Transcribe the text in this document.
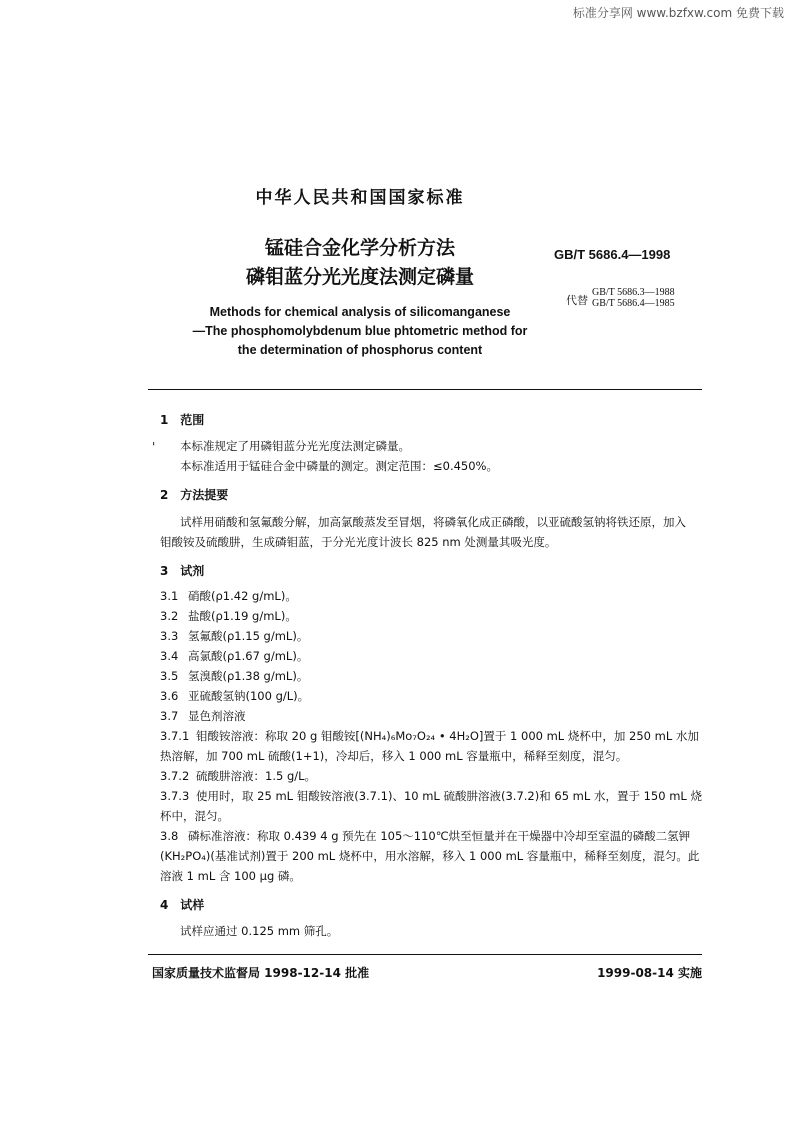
标准分享网 www.bzfxw.com 免费下载
中华人民共和国国家标准
锰硅合金化学分析方法
磷钼蓝分光光度法测定磷量
GB/T 5686.4—1998
代替
GB/T 5686.3—1988
GB/T 5686.4—1985
Methods for chemical analysis of silicomanganese
—The phosphomolybdenum blue phtometric method for
the determination of phosphorus content
1 范围
' 本标准规定了用磷钼蓝分光光度法测定磷量。
本标准适用于锰硅合金中磷量的测定。测定范围：≤0.450%。
2 方法提要
试样用硝酸和氢氟酸分解，加高氯酸蒸发至冒烟，将磷氧化成正磷酸，以亚硫酸氢钠将铁还原，加入
钼酸铵及硫酸肼，生成磷钼蓝，于分光光度计波长 825 nm 处测量其吸光度。
3 试剂
3.1 硝酸(ρ1.42 g/mL)。
3.2 盐酸(ρ1.19 g/mL)。
3.3 氢氟酸(ρ1.15 g/mL)。
3.4 高氯酸(ρ1.67 g/mL)。
3.5 氢溴酸(ρ1.38 g/mL)。
3.6 亚硫酸氢钠(100 g/L)。
3.7 显色剂溶液
3.7.1 钼酸铵溶液：称取 20 g 钼酸铵[(NH₄)₆Mo₇O₂₄ • 4H₂O]置于 1 000 mL 烧杯中，加 250 mL 水加
热溶解，加 700 mL 硫酸(1+1)，冷却后，移入 1 000 mL 容量瓶中，稀释至刻度，混匀。
3.7.2 硫酸肼溶液：1.5 g/L。
3.7.3 使用时，取 25 mL 钼酸铵溶液(3.7.1)、10 mL 硫酸肼溶液(3.7.2)和 65 mL 水，置于 150 mL 烧
杯中，混匀。
3.8 磷标准溶液：称取 0.439 4 g 预先在 105～110℃烘至恒量并在干燥器中冷却至室温的磷酸二氢钾
(KH₂PO₄)(基准试剂)置于 200 mL 烧杯中，用水溶解，移入 1 000 mL 容量瓶中，稀释至刻度，混匀。此
溶液 1 mL 含 100 μg 磷。
4 试样
试样应通过 0.125 mm 筛孔。
国家质量技术监督局 1998-12-14 批准	1999-08-14 实施
